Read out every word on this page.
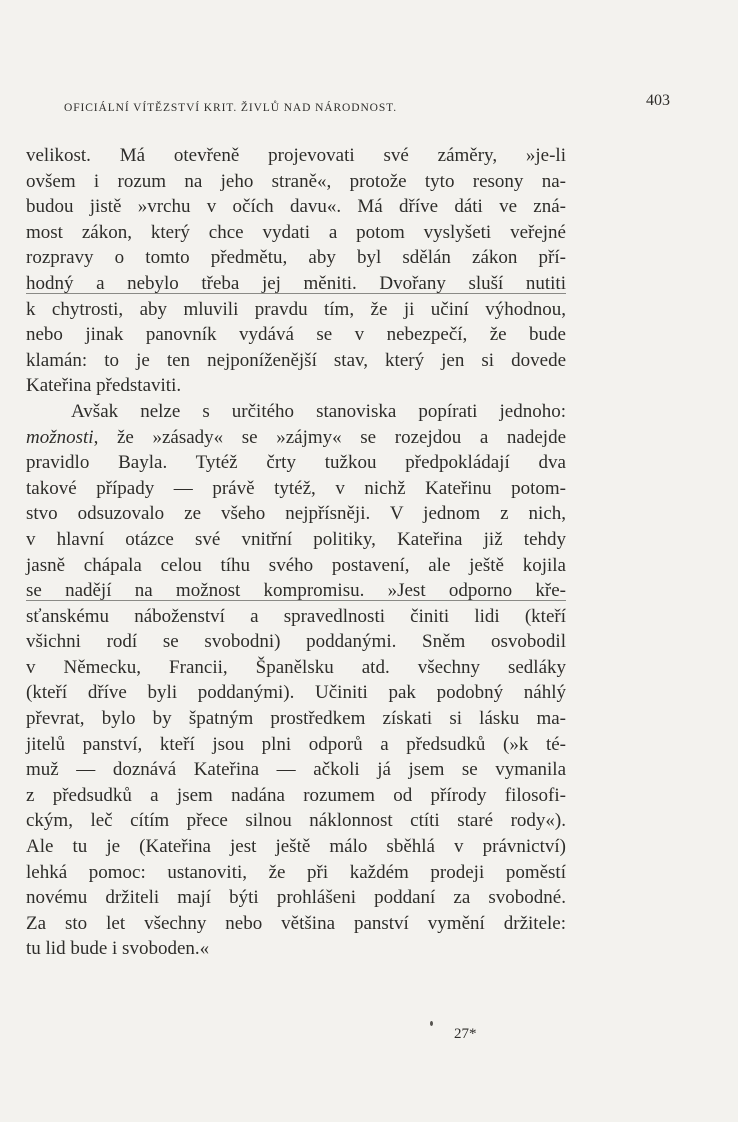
OFICIÁLNÍ VÍTĚZSTVÍ KRIT. ŽIVLŮ NAD NÁRODNOST.	403
velikost. Má otevřeně projevovati své záměry, »je-li
ovšem i rozum na jeho straně«, protože tyto resony na-
budou jistě »vrchu v očích davu«. Má dříve dáti ve zná-
most zákon, který chce vydati a potom vyslyšeti veřejné
rozpravy o tomto předmětu, aby byl sdělán zákon pří-
hodný a nebylo třeba jej měniti. Dvořany sluší nutiti
k chytrosti, aby mluvili pravdu tím, že ji učiní výhodnou,
nebo jinak panovník vydává se v nebezpečí, že bude
klamán: to je ten nejponíženější stav, který jen si dovede
Kateřina představiti.
Avšak nelze s určitého stanoviska popírati jednoho:
možnosti, že »zásady« se »zájmy« se rozejdou a nadejde
pravidlo Bayla. Tytéž črty tužkou předpokládají dva
takové případy — právě tytéž, v nichž Kateřinu potom-
stvo odsuzovalo ze všeho nejpřísněji. V jednom z nich,
v hlavní otázce své vnitřní politiky, Kateřina již tehdy
jasně chápala celou tíhu svého postavení, ale ještě kojila
se nadějí na možnost kompromisu. »Jest odporno kře-
sťanskému náboženství a spravedlnosti činiti lidi (kteří
všichni rodí se svobodni) poddanými. Sněm osvobodil
v Německu, Francii, Španělsku atd. všechny sedláky
(kteří dříve byli poddanými). Učiniti pak podobný náhlý
převrat, bylo by špatným prostředkem získati si lásku ma-
jitelů panství, kteří jsou plni odporů a předsudků (»k té-
muž — doznává Kateřina — ačkoli já jsem se vymanila
z předsudků a jsem nadána rozumem od přírody filosofi-
ckým, leč cítím přece silnou náklonnost ctíti staré rody«).
Ale tu je (Kateřina jest ještě málo sběhlá v právnictví)
lehká pomoc: ustanoviti, že při každém prodeji poměstí
novému držiteli mají býti prohlášeni poddaní za svobodné.
Za sto let všechny nebo většina panství vymění držitele:
tu lid bude i svoboden.«
27*
